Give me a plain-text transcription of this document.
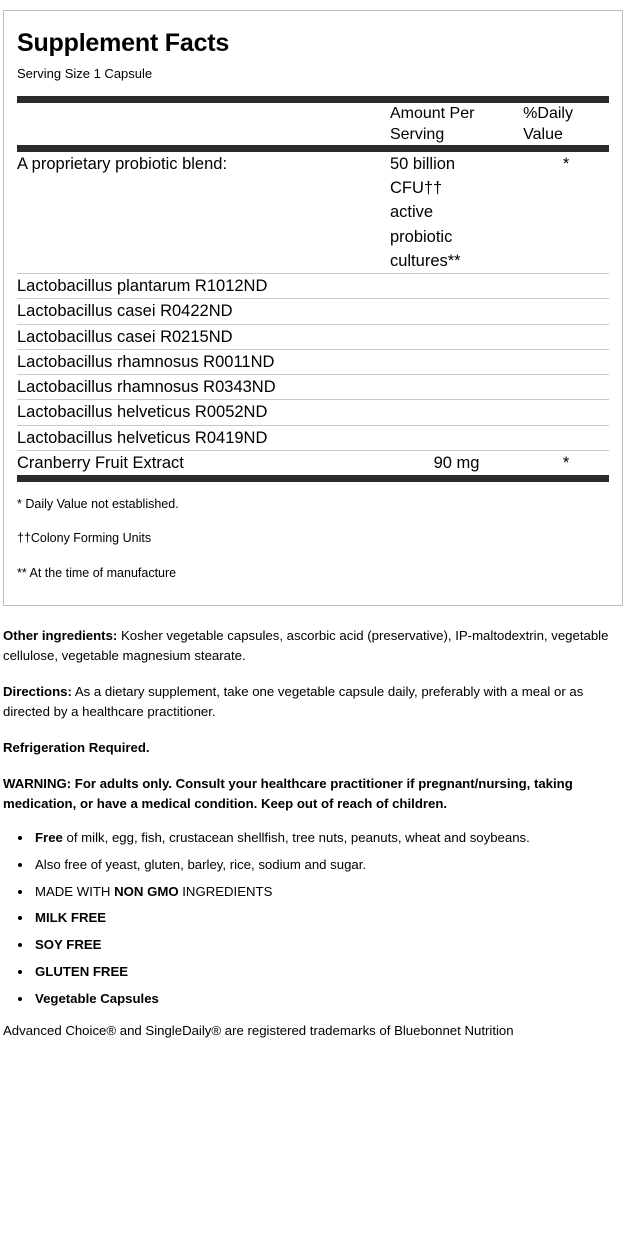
Supplement Facts
Serving Size 1 Capsule
	Amount Per Serving	%Daily Value
A proprietary probiotic blend:	50 billion
CFU††
active
probiotic
cultures**	*
Lactobacillus plantarum R1012ND		
Lactobacillus casei R0422ND		
Lactobacillus casei R0215ND		
Lactobacillus rhamnosus R0011ND		
Lactobacillus rhamnosus R0343ND		
Lactobacillus helveticus R0052ND		
Lactobacillus helveticus R0419ND		
Cranberry Fruit Extract	90 mg	*
* Daily Value not established.
††Colony Forming Units
** At the time of manufacture

Other ingredients: Kosher vegetable capsules, ascorbic acid (preservative), IP-maltodextrin, vegetable cellulose, vegetable magnesium stearate.

Directions: As a dietary supplement, take one vegetable capsule daily, preferably with a meal or as directed by a healthcare practitioner.

Refrigeration Required.

WARNING: For adults only. Consult your healthcare practitioner if pregnant/nursing, taking medication, or have a medical condition. Keep out of reach of children.

• Free of milk, egg, fish, crustacean shellfish, tree nuts, peanuts, wheat and soybeans.
• Also free of yeast, gluten, barley, rice, sodium and sugar.
• MADE WITH NON GMO INGREDIENTS
• MILK FREE
• SOY FREE
• GLUTEN FREE
• Vegetable Capsules

Advanced Choice® and SingleDaily® are registered trademarks of Bluebonnet Nutrition
